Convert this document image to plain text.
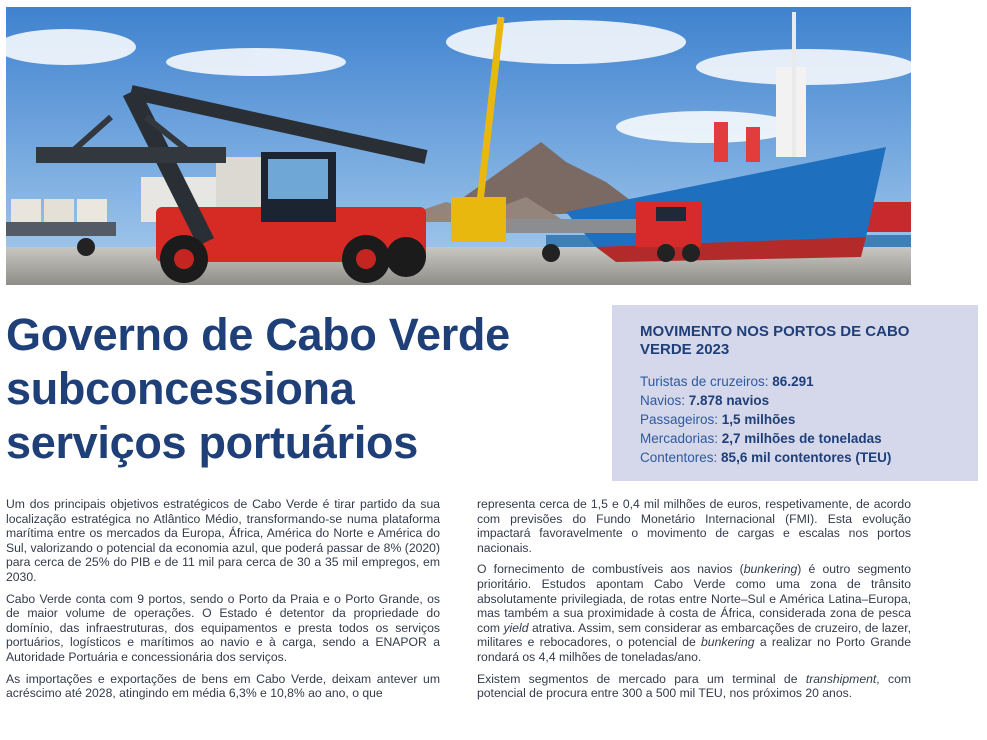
Governo de Cabo Verde
subconcessiona
serviços portuários
MOVIMENTO NOS PORTOS DE CABO VERDE 2023
Turistas de cruzeiros: 86.291
Navios: 7.878 navios
Passageiros: 1,5 milhões
Mercadorias: 2,7 milhões de toneladas
Contentores: 85,6 mil contentores (TEU)

Um dos principais objetivos estratégicos de Cabo Verde é tirar partido da sua localização estratégica no Atlântico Médio, transformando-se numa plataforma marítima entre os mercados da Europa, África, América do Norte e América do Sul, valorizando o potencial da economia azul, que poderá passar de 8% (2020) para cerca de 25% do PIB e de 11 mil para cerca de 30 a 35 mil empregos, em 2030.

Cabo Verde conta com 9 portos, sendo o Porto da Praia e o Porto Grande, os de maior volume de operações. O Estado é detentor da propriedade do domínio, das infraestruturas, dos equipamentos e presta todos os serviços portuários, logísticos e marítimos ao navio e à carga, sendo a ENAPOR a Autoridade Portuária e concessionária dos serviços.

As importações e exportações de bens em Cabo Verde, deixam antever um acréscimo até 2028, atingindo em média 6,3% e 10,8% ao ano, o que

representa cerca de 1,5 e 0,4 mil milhões de euros, respetivamente, de acordo com previsões do Fundo Monetário Internacional (FMI). Esta evolução impactará favoravelmente o movimento de cargas e escalas nos portos nacionais.

O fornecimento de combustíveis aos navios (bunkering) é outro segmento prioritário. Estudos apontam Cabo Verde como uma zona de trânsito absolutamente privilegiada, de rotas entre Norte–Sul e América Latina–Europa, mas também a sua proximidade à costa de África, considerada zona de pesca com yield atrativa. Assim, sem considerar as embarcações de cruzeiro, de lazer, militares e rebocadores, o potencial de bunkering a realizar no Porto Grande rondará os 4,4 milhões de toneladas/ano.

Existem segmentos de mercado para um terminal de transhipment, com potencial de procura entre 300 a 500 mil TEU, nos próximos 20 anos.
